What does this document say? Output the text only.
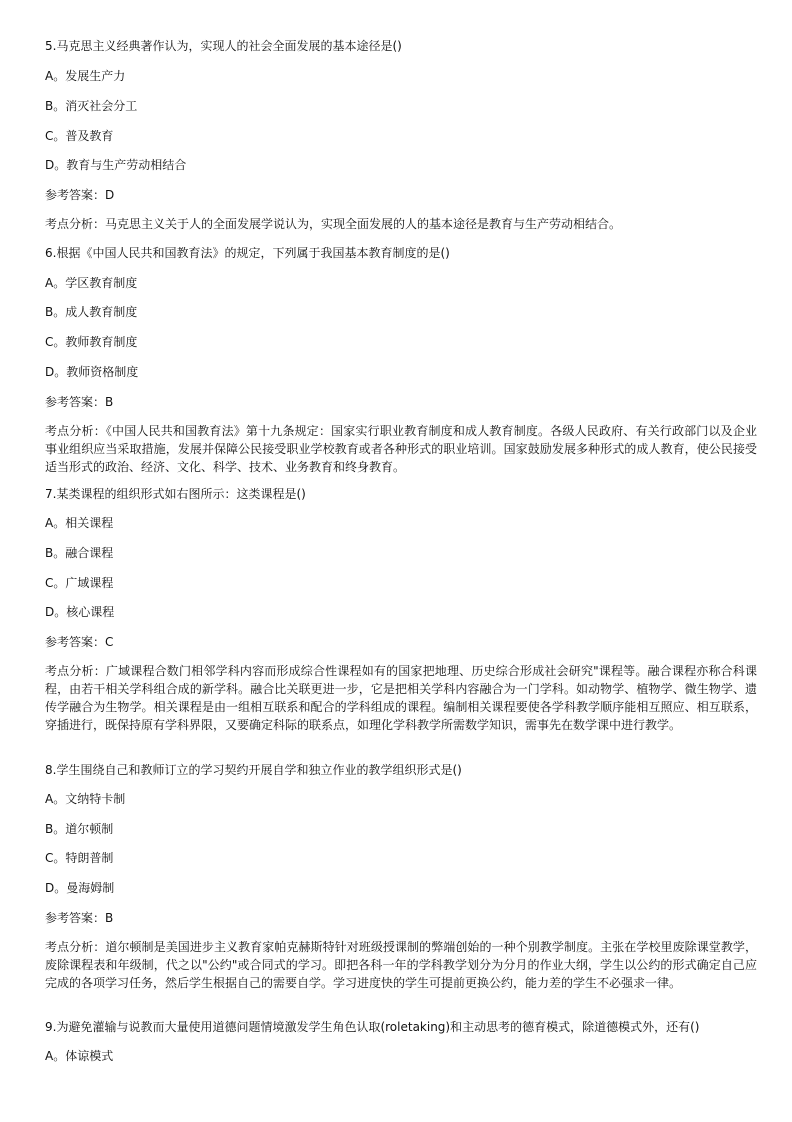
5.马克思主义经典著作认为，实现人的社会全面发展的基本途径是()
A。发展生产力
B。消灭社会分工
C。普及教育
D。教育与生产劳动相结合
参考答案：D
考点分析：马克思主义关于人的全面发展学说认为，实现全面发展的人的基本途径是教育与生产劳动相结合。
6.根据《中国人民共和国教育法》的规定，下列属于我国基本教育制度的是()
A。学区教育制度
B。成人教育制度
C。教师教育制度
D。教师资格制度
参考答案：B
考点分析：《中国人民共和国教育法》第十九条规定：国家实行职业教育制度和成人教育制度。各级人民政府、有关行政部门以及企业事业组织应当采取措施，发展并保障公民接受职业学校教育或者各种形式的职业培训。国家鼓励发展多种形式的成人教育，使公民接受适当形式的政治、经济、文化、科学、技术、业务教育和终身教育。
7.某类课程的组织形式如右图所示：这类课程是()
A。相关课程
B。融合课程
C。广域课程
D。核心课程
参考答案：C
考点分析：广域课程合数门相邻学科内容而形成综合性课程如有的国家把地理、历史综合形成社会研究"课程等。融合课程亦称合科课程，由若干相关学科组合成的新学科。融合比关联更进一步，它是把相关学科内容融合为一门学科。如动物学、植物学、微生物学、遗传学融合为生物学。相关课程是由一组相互联系和配合的学科组成的课程。编制相关课程要使各学科教学顺序能相互照应、相互联系，穿插进行，既保持原有学科界限，又要确定科际的联系点，如理化学科教学所需数学知识，需事先在数学课中进行教学。
8.学生围绕自己和教师订立的学习契约开展自学和独立作业的教学组织形式是()
A。文纳特卡制
B。道尔顿制
C。特朗普制
D。曼海姆制
参考答案：B
考点分析：道尔顿制是美国进步主义教育家帕克赫斯特针对班级授课制的弊端创始的一种个别教学制度。主张在学校里废除课堂教学，废除课程表和年级制，代之以"公约"或合同式的学习。即把各科一年的学科教学划分为分月的作业大纲，学生以公约的形式确定自己应完成的各项学习任务，然后学生根据自己的需要自学。学习进度快的学生可提前更换公约，能力差的学生不必强求一律。
9.为避免灌输与说教而大量使用道德问题情境激发学生角色认取(roletaking)和主动思考的德育模式，除道德模式外，还有()
A。体谅模式
